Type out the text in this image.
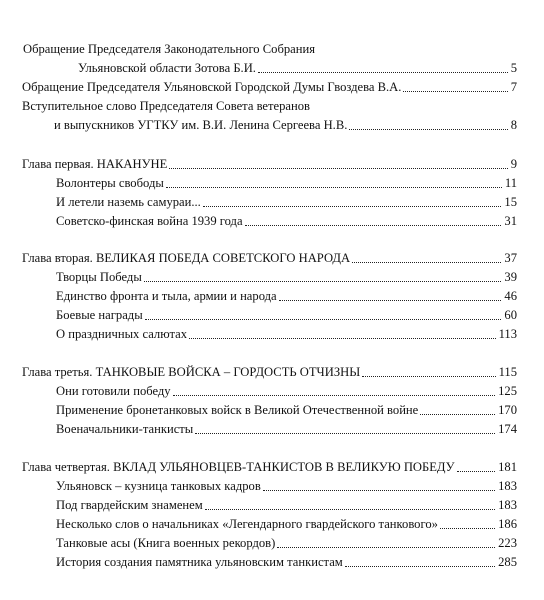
Обращение Председателя Законодательного Собрания
Ульяновской области Зотова Б.И.	5
Обращение Председателя Ульяновской Городской Думы Гвоздева В.А.	7
Вступительное слово Председателя Совета ветеранов
и выпускников УГТКУ им. В.И. Ленина Сергеева Н.В.	8
Глава первая. НАКАНУНЕ	9
Волонтеры свободы	11
И летели наземь самураи...	15
Советско-финская война 1939 года	31
Глава вторая. ВЕЛИКАЯ ПОБЕДА СОВЕТСКОГО НАРОДА	37
Творцы Победы	39
Единство фронта и тыла, армии и народа	46
Боевые награды	60
О праздничных салютах	113
Глава третья. ТАНКОВЫЕ ВОЙСКА – ГОРДОСТЬ ОТЧИЗНЫ	115
Они готовили победу	125
Применение бронетанковых войск в Великой Отечественной войне	170
Военачальники-танкисты	174
Глава четвертая. ВКЛАД УЛЬЯНОВЦЕВ-ТАНКИСТОВ В ВЕЛИКУЮ ПОБЕДУ	181
Ульяновск – кузница танковых кадров	183
Под гвардейским знаменем	183
Несколько слов о начальниках «Легендарного гвардейского танкового»	186
Танковые асы (Книга военных рекордов)	223
История создания памятника ульяновским танкистам	285
